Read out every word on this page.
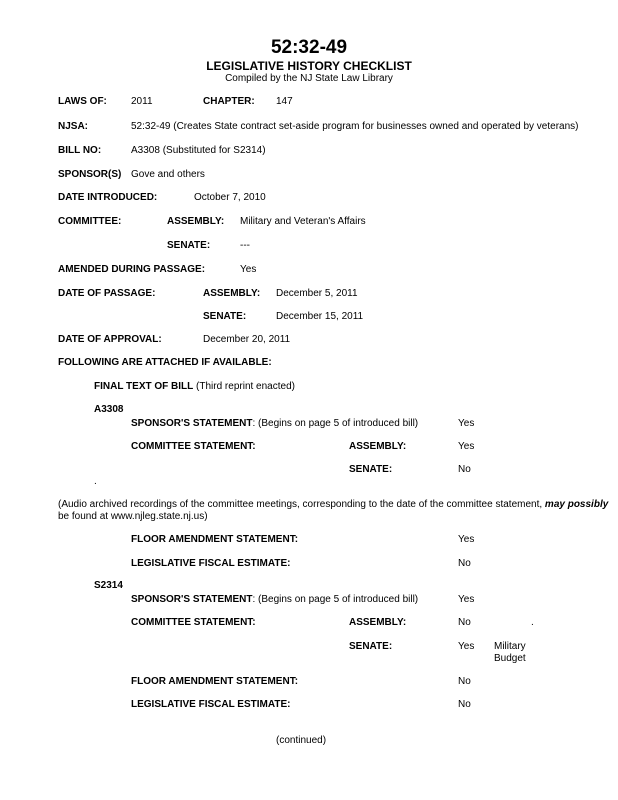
52:32-49
LEGISLATIVE HISTORY CHECKLIST
Compiled by the NJ State Law Library
LAWS OF: 2011	CHAPTER: 147
NJSA:	52:32-49 (Creates State contract set-aside program for businesses owned and operated by veterans)
BILL NO:	A3308 (Substituted for S2314)
SPONSOR(S) Gove and others
DATE INTRODUCED:	October 7, 2010
COMMITTEE:	ASSEMBLY: Military and Veteran's Affairs
SENATE:	---
AMENDED DURING PASSAGE:	Yes
DATE OF PASSAGE:	ASSEMBLY: December 5, 2011
SENATE:	December 15, 2011
DATE OF APPROVAL:	December 20, 2011
FOLLOWING ARE ATTACHED IF AVAILABLE:
FINAL TEXT OF BILL (Third reprint enacted)
A3308
SPONSOR'S STATEMENT: (Begins on page 5 of introduced bill)	Yes
COMMITTEE STATEMENT:	ASSEMBLY:	Yes
SENATE:	No
.
(Audio archived recordings of the committee meetings, corresponding to the date of the committee statement, may possibly
be found at www.njleg.state.nj.us)
FLOOR AMENDMENT STATEMENT:	Yes
LEGISLATIVE FISCAL ESTIMATE:	No
S2314
SPONSOR'S STATEMENT: (Begins on page 5 of introduced bill)	Yes
COMMITTEE STATEMENT:	ASSEMBLY:	No	.
SENATE:	Yes Military
Budget
FLOOR AMENDMENT STATEMENT:	No
LEGISLATIVE FISCAL ESTIMATE:	No
(continued)
